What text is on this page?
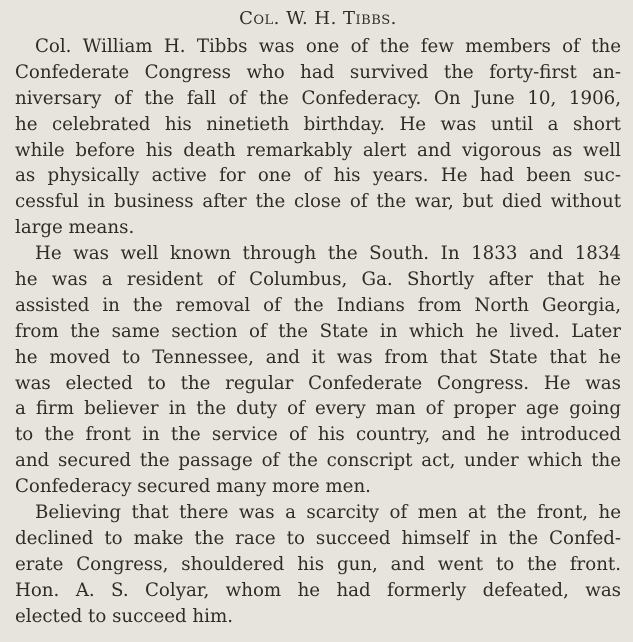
Col. W. H. Tibbs.
Col. William H. Tibbs was one of the few members of the
Confederate Congress who had survived the forty-first an-
niversary of the fall of the Confederacy. On June 10, 1906,
he celebrated his ninetieth birthday. He was until a short
while before his death remarkably alert and vigorous as well
as physically active for one of his years. He had been suc-
cessful in business after the close of the war, but died without
large means.
He was well known through the South. In 1833 and 1834
he was a resident of Columbus, Ga. Shortly after that he
assisted in the removal of the Indians from North Georgia,
from the same section of the State in which he lived. Later
he moved to Tennessee, and it was from that State that he
was elected to the regular Confederate Congress. He was
a firm believer in the duty of every man of proper age going
to the front in the service of his country, and he introduced
and secured the passage of the conscript act, under which the
Confederacy secured many more men.
Believing that there was a scarcity of men at the front, he
declined to make the race to succeed himself in the Confed-
erate Congress, shouldered his gun, and went to the front.
Hon. A. S. Colyar, whom he had formerly defeated, was
elected to succeed him.
